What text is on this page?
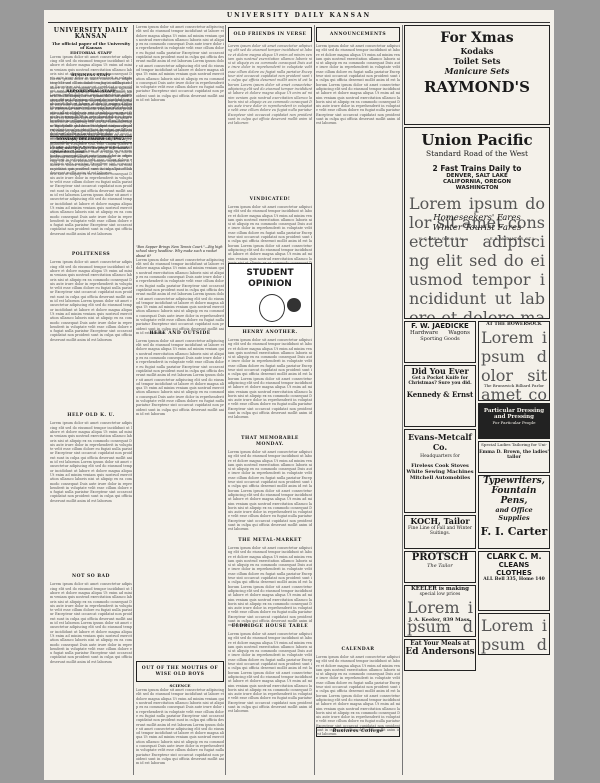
UNIVERSITY DAILY KANSAN
UNIVERSITY DAILY KANSAN
The official paper of the University of Kansas
EDITORIAL STAFF
Lorem ipsum dolor sit amet consectetur adipiscing elit sed do eiusmod tempor incididunt ut labore et dolore magna aliqua Ut enim ad minim veniam quis nostrud exercitation ullamco laboris nisi ut aliquip ex ea commodo consequat Duis aute irure dolor in reprehenderit in voluptate velit esse cillum dolore eu fugiat nulla pariatur Excepteur sint occaecat cupidatat non proident sunt in culpa qui officia deserunt mollit anim id est laborum Lorem ipsum dolor sit amet consectetur adipiscing elit sed do eiusmod tempor incididunt ut labore et dolore magna aliqua Ut enim ad minim veniam quis nostrud exercitation ullamco laboris nisi ut aliquip ex ea commodo consequat Duis aute irure dolor in reprehenderit in voluptate velit esse cillum dolore eu fugiat nulla pariatur Excepteur sint occaecat cupidatat non proident sunt in culpa qui officia deserunt mollit anim id est laborum
BUSINESS STAFF
Lorem ipsum dolor sit amet consectetur adipiscing elit sed do eiusmod tempor incididunt ut labore et dolore magna aliqua Ut enim ad minim veniam quis nostrud exercitation ullamco laboris nisi ut aliquip ex ea commodo consequat Duis aute irure dolor in reprehenderit in voluptate velit esse cillum dolore eu fugiat nulla pariatur Excepteur sint occaecat cupidatat non proident sunt in culpa qui officia deserunt mollit anim id est laborum Lorem ipsum dolor sit amet consectetur adipiscing elit sed do eiusmod tempor incididunt ut labore et dolore magna aliqua Ut enim ad minim veniam quis nostrud exercitation ullamco laboris nisi ut aliquip ex ea commodo consequat Duis aute irure dolor in reprehenderit in voluptate velit esse cillum dolore eu fugiat nulla pariatur Excepteur sint occaecat cupidatat non proident sunt in culpa qui officia deserunt mollit anim id est laborum
REPORTORIAL STAFF
Lorem ipsum dolor sit amet consectetur adipiscing elit sed do eiusmod tempor incididunt ut labore et dolore magna aliqua Ut enim ad minim veniam quis nostrud exercitation ullamco laboris nisi ut aliquip ex ea commodo consequat Duis aute irure dolor in reprehenderit in voluptate velit esse cillum dolore eu fugiat nulla pariatur Excepteur sint occaecat cupidatat non proident sunt in culpa qui officia deserunt mollit anim id est laborum Lorem ipsum dolor sit amet consectetur adipiscing elit sed do eiusmod tempor incididunt ut labore et dolore magna aliqua Ut enim ad minim veniam quis nostrud exercitation ullamco laboris nisi ut aliquip ex ea commodo consequat Duis aute irure dolor in reprehenderit in voluptate velit esse cillum dolore eu fugiat nulla pariatur Excepteur sint occaecat cupidatat non proident sunt in culpa qui officia deserunt mollit anim id est laborum
MONDAY, DECEMBER 16, 1912.
He who sees life fully in his profit is fortunate.—From the Chinese.
Lorem ipsum dolor sit amet consectetur adipiscing elit sed do eiusmod tempor incididunt ut labore et dolore magna aliqua Ut enim ad minim veniam quis nostrud exercitation ullamco laboris nisi ut aliquip ex ea commodo consequat Duis aute irure dolor in reprehenderit in voluptate velit esse cillum dolore eu fugiat nulla pariatur Excepteur sint occaecat cupidatat non proident sunt in culpa qui officia deserunt mollit anim id est laborum Lorem ipsum dolor sit amet consectetur adipiscing elit sed do eiusmod tempor incididunt ut labore et dolore magna aliqua Ut enim ad minim veniam quis nostrud exercitation ullamco laboris nisi ut aliquip ex ea commodo consequat Duis aute irure dolor in reprehenderit in voluptate velit esse cillum dolore eu fugiat nulla pariatur Excepteur sint occaecat cupidatat non proident sunt in culpa qui officia deserunt mollit anim id est laborum
POLITENESS
Lorem ipsum dolor sit amet consectetur adipiscing elit sed do eiusmod tempor incididunt ut labore et dolore magna aliqua Ut enim ad minim veniam quis nostrud exercitation ullamco laboris nisi ut aliquip ex ea commodo consequat Duis aute irure dolor in reprehenderit in voluptate velit esse cillum dolore eu fugiat nulla pariatur Excepteur sint occaecat cupidatat non proident sunt in culpa qui officia deserunt mollit anim id est laborum Lorem ipsum dolor sit amet consectetur adipiscing elit sed do eiusmod tempor incididunt ut labore et dolore magna aliqua Ut enim ad minim veniam quis nostrud exercitation ullamco laboris nisi ut aliquip ex ea commodo consequat Duis aute irure dolor in reprehenderit in voluptate velit esse cillum dolore eu fugiat nulla pariatur Excepteur sint occaecat cupidatat non proident sunt in culpa qui officia deserunt mollit anim id est laborum
HELP OLD K. U.
Lorem ipsum dolor sit amet consectetur adipiscing elit sed do eiusmod tempor incididunt ut labore et dolore magna aliqua Ut enim ad minim veniam quis nostrud exercitation ullamco laboris nisi ut aliquip ex ea commodo consequat Duis aute irure dolor in reprehenderit in voluptate velit esse cillum dolore eu fugiat nulla pariatur Excepteur sint occaecat cupidatat non proident sunt in culpa qui officia deserunt mollit anim id est laborum Lorem ipsum dolor sit amet consectetur adipiscing elit sed do eiusmod tempor incididunt ut labore et dolore magna aliqua Ut enim ad minim veniam quis nostrud exercitation ullamco laboris nisi ut aliquip ex ea commodo consequat Duis aute irure dolor in reprehenderit in voluptate velit esse cillum dolore eu fugiat nulla pariatur Excepteur sint occaecat cupidatat non proident sunt in culpa qui officia deserunt mollit anim id est laborum
NOT SO BAD
Lorem ipsum dolor sit amet consectetur adipiscing elit sed do eiusmod tempor incididunt ut labore et dolore magna aliqua Ut enim ad minim veniam quis nostrud exercitation ullamco laboris nisi ut aliquip ex ea commodo consequat Duis aute irure dolor in reprehenderit in voluptate velit esse cillum dolore eu fugiat nulla pariatur Excepteur sint occaecat cupidatat non proident sunt in culpa qui officia deserunt mollit anim id est laborum Lorem ipsum dolor sit amet consectetur adipiscing elit sed do eiusmod tempor incididunt ut labore et dolore magna aliqua Ut enim ad minim veniam quis nostrud exercitation ullamco laboris nisi ut aliquip ex ea commodo consequat Duis aute irure dolor in reprehenderit in voluptate velit esse cillum dolore eu fugiat nulla pariatur Excepteur sint occaecat cupidatat non proident sunt in culpa qui officia deserunt mollit anim id est laborum
Lorem ipsum dolor sit amet consectetur adipiscing elit sed do eiusmod tempor incididunt ut labore et dolore magna aliqua Ut enim ad minim veniam quis nostrud exercitation ullamco laboris nisi ut aliquip ex ea commodo consequat Duis aute irure dolor in reprehenderit in voluptate velit esse cillum dolore eu fugiat nulla pariatur Excepteur sint occaecat cupidatat non proident sunt in culpa qui officia deserunt mollit anim id est laborum Lorem ipsum dolor sit amet consectetur adipiscing elit sed do eiusmod tempor incididunt ut labore et dolore magna aliqua Ut enim ad minim veniam quis nostrud exercitation ullamco laboris nisi ut aliquip ex ea commodo consequat Duis aute irure dolor in reprehenderit in voluptate velit esse cillum dolore eu fugiat nulla pariatur Excepteur sint occaecat cupidatat non proident sunt in culpa qui officia deserunt mollit anim id est laborum
"Bon Sapper Brings New Tennis Court."—Big high school story headline. Why make such a racket about it?
Lorem ipsum dolor sit amet consectetur adipiscing elit sed do eiusmod tempor incididunt ut labore et dolore magna aliqua Ut enim ad minim veniam quis nostrud exercitation ullamco laboris nisi ut aliquip ex ea commodo consequat Duis aute irure dolor in reprehenderit in voluptate velit esse cillum dolore eu fugiat nulla pariatur Excepteur sint occaecat cupidatat non proident sunt in culpa qui officia deserunt mollit anim id est laborum Lorem ipsum dolor sit amet consectetur adipiscing elit sed do eiusmod tempor incididunt ut labore et dolore magna aliqua Ut enim ad minim veniam quis nostrud exercitation ullamco laboris nisi ut aliquip ex ea commodo consequat Duis aute irure dolor in reprehenderit in voluptate velit esse cillum dolore eu fugiat nulla pariatur Excepteur sint occaecat cupidatat non proident sunt in culpa qui officia deserunt mollit anim id est laborum
HERE AND OUTSIDE
Lorem ipsum dolor sit amet consectetur adipiscing elit sed do eiusmod tempor incididunt ut labore et dolore magna aliqua Ut enim ad minim veniam quis nostrud exercitation ullamco laboris nisi ut aliquip ex ea commodo consequat Duis aute irure dolor in reprehenderit in voluptate velit esse cillum dolore eu fugiat nulla pariatur Excepteur sint occaecat cupidatat non proident sunt in culpa qui officia deserunt mollit anim id est laborum Lorem ipsum dolor sit amet consectetur adipiscing elit sed do eiusmod tempor incididunt ut labore et dolore magna aliqua Ut enim ad minim veniam quis nostrud exercitation ullamco laboris nisi ut aliquip ex ea commodo consequat Duis aute irure dolor in reprehenderit in voluptate velit esse cillum dolore eu fugiat nulla pariatur Excepteur sint occaecat cupidatat non proident sunt in culpa qui officia deserunt mollit anim id est laborum
OUT OF THE MOUTHS OF WISE OLD BOYS
SCIENCE
Lorem ipsum dolor sit amet consectetur adipiscing elit sed do eiusmod tempor incididunt ut labore et dolore magna aliqua Ut enim ad minim veniam quis nostrud exercitation ullamco laboris nisi ut aliquip ex ea commodo consequat Duis aute irure dolor in reprehenderit in voluptate velit esse cillum dolore eu fugiat nulla pariatur Excepteur sint occaecat cupidatat non proident sunt in culpa qui officia deserunt mollit anim id est laborum Lorem ipsum dolor sit amet consectetur adipiscing elit sed do eiusmod tempor incididunt ut labore et dolore magna aliqua Ut enim ad minim veniam quis nostrud exercitation ullamco laboris nisi ut aliquip ex ea commodo consequat Duis aute irure dolor in reprehenderit in voluptate velit esse cillum dolore eu fugiat nulla pariatur Excepteur sint occaecat cupidatat non proident sunt in culpa qui officia deserunt mollit anim id est laborum
OLD FRIENDS IN VERSE
Lorem ipsum dolor sit amet consectetur adipiscing elit sed do eiusmod tempor incididunt ut labore et dolore magna aliqua Ut enim ad minim veniam quis nostrud exercitation ullamco laboris nisi ut aliquip ex ea commodo consequat Duis aute irure dolor in reprehenderit in voluptate velit esse cillum dolore eu fugiat nulla pariatur Excepteur sint occaecat cupidatat non proident sunt in culpa qui officia deserunt mollit anim id est laborum Lorem ipsum dolor sit amet consectetur adipiscing elit sed do eiusmod tempor incididunt ut labore et dolore magna aliqua Ut enim ad minim veniam quis nostrud exercitation ullamco laboris nisi ut aliquip ex ea commodo consequat Duis aute irure dolor in reprehenderit in voluptate velit esse cillum dolore eu fugiat nulla pariatur Excepteur sint occaecat cupidatat non proident sunt in culpa qui officia deserunt mollit anim id est laborum
VINDICATED!
Lorem ipsum dolor sit amet consectetur adipiscing elit sed do eiusmod tempor incididunt ut labore et dolore magna aliqua Ut enim ad minim veniam quis nostrud exercitation ullamco laboris nisi ut aliquip ex ea commodo consequat Duis aute irure dolor in reprehenderit in voluptate velit esse cillum dolore eu fugiat nulla pariatur Excepteur sint occaecat cupidatat non proident sunt in culpa qui officia deserunt mollit anim id est laborum Lorem ipsum dolor sit amet consectetur adipiscing elit sed do eiusmod tempor incididunt ut labore et dolore magna aliqua Ut enim ad minim veniam quis nostrud exercitation ullamco laboris nisi ut aliquip ex ea commodo consequat Duis aute irure dolor in reprehenderit in voluptate velit esse cillum dolore eu fugiat nulla pariatur Excepteur sint occaecat cupidatat non proident sunt in culpa qui officia deserunt mollit anim id est laborum
STUDENT OPINION
HENRY ANOTHER.
Lorem ipsum dolor sit amet consectetur adipiscing elit sed do eiusmod tempor incididunt ut labore et dolore magna aliqua Ut enim ad minim veniam quis nostrud exercitation ullamco laboris nisi ut aliquip ex ea commodo consequat Duis aute irure dolor in reprehenderit in voluptate velit esse cillum dolore eu fugiat nulla pariatur Excepteur sint occaecat cupidatat non proident sunt in culpa qui officia deserunt mollit anim id est laborum Lorem ipsum dolor sit amet consectetur adipiscing elit sed do eiusmod tempor incididunt ut labore et dolore magna aliqua Ut enim ad minim veniam quis nostrud exercitation ullamco laboris nisi ut aliquip ex ea commodo consequat Duis aute irure dolor in reprehenderit in voluptate velit esse cillum dolore eu fugiat nulla pariatur Excepteur sint occaecat cupidatat non proident sunt in culpa qui officia deserunt mollit anim id est laborum
THAT MEMORABLE MONDAY.
Lorem ipsum dolor sit amet consectetur adipiscing elit sed do eiusmod tempor incididunt ut labore et dolore magna aliqua Ut enim ad minim veniam quis nostrud exercitation ullamco laboris nisi ut aliquip ex ea commodo consequat Duis aute irure dolor in reprehenderit in voluptate velit esse cillum dolore eu fugiat nulla pariatur Excepteur sint occaecat cupidatat non proident sunt in culpa qui officia deserunt mollit anim id est laborum Lorem ipsum dolor sit amet consectetur adipiscing elit sed do eiusmod tempor incididunt ut labore et dolore magna aliqua Ut enim ad minim veniam quis nostrud exercitation ullamco laboris nisi ut aliquip ex ea commodo consequat Duis aute irure dolor in reprehenderit in voluptate velit esse cillum dolore eu fugiat nulla pariatur Excepteur sint occaecat cupidatat non proident sunt in culpa qui officia deserunt mollit anim id est laborum
THE METAL-MARKET
Lorem ipsum dolor sit amet consectetur adipiscing elit sed do eiusmod tempor incididunt ut labore et dolore magna aliqua Ut enim ad minim veniam quis nostrud exercitation ullamco laboris nisi ut aliquip ex ea commodo consequat Duis aute irure dolor in reprehenderit in voluptate velit esse cillum dolore eu fugiat nulla pariatur Excepteur sint occaecat cupidatat non proident sunt in culpa qui officia deserunt mollit anim id est laborum Lorem ipsum dolor sit amet consectetur adipiscing elit sed do eiusmod tempor incididunt ut labore et dolore magna aliqua Ut enim ad minim veniam quis nostrud exercitation ullamco laboris nisi ut aliquip ex ea commodo consequat Duis aute irure dolor in reprehenderit in voluptate velit esse cillum dolore eu fugiat nulla pariatur Excepteur sint occaecat cupidatat non proident sunt in culpa qui officia deserunt mollit anim id est laborum
ELDRIDGE HOUSE TABLE
Lorem ipsum dolor sit amet consectetur adipiscing elit sed do eiusmod tempor incididunt ut labore et dolore magna aliqua Ut enim ad minim veniam quis nostrud exercitation ullamco laboris nisi ut aliquip ex ea commodo consequat Duis aute irure dolor in reprehenderit in voluptate velit esse cillum dolore eu fugiat nulla pariatur Excepteur sint occaecat cupidatat non proident sunt in culpa qui officia deserunt mollit anim id est laborum Lorem ipsum dolor sit amet consectetur adipiscing elit sed do eiusmod tempor incididunt ut labore et dolore magna aliqua Ut enim ad minim veniam quis nostrud exercitation ullamco laboris nisi ut aliquip ex ea commodo consequat Duis aute irure dolor in reprehenderit in voluptate velit esse cillum dolore eu fugiat nulla pariatur Excepteur sint occaecat cupidatat non proident sunt in culpa qui officia deserunt mollit anim id est laborum
ANNOUNCEMENTS
Lorem ipsum dolor sit amet consectetur adipiscing elit sed do eiusmod tempor incididunt ut labore et dolore magna aliqua Ut enim ad minim veniam quis nostrud exercitation ullamco laboris nisi ut aliquip ex ea commodo consequat Duis aute irure dolor in reprehenderit in voluptate velit esse cillum dolore eu fugiat nulla pariatur Excepteur sint occaecat cupidatat non proident sunt in culpa qui officia deserunt mollit anim id est laborum Lorem ipsum dolor sit amet consectetur adipiscing elit sed do eiusmod tempor incididunt ut labore et dolore magna aliqua Ut enim ad minim veniam quis nostrud exercitation ullamco laboris nisi ut aliquip ex ea commodo consequat Duis aute irure dolor in reprehenderit in voluptate velit esse cillum dolore eu fugiat nulla pariatur Excepteur sint occaecat cupidatat non proident sunt in culpa qui officia deserunt mollit anim id est laborum
CALENDAR
Lorem ipsum dolor sit amet consectetur adipiscing elit sed do eiusmod tempor incididunt ut labore et dolore magna aliqua Ut enim ad minim veniam quis nostrud exercitation ullamco laboris nisi ut aliquip ex ea commodo consequat Duis aute irure dolor in reprehenderit in voluptate velit esse cillum dolore eu fugiat nulla pariatur Excepteur sint occaecat cupidatat non proident sunt in culpa qui officia deserunt mollit anim id est laborum Lorem ipsum dolor sit amet consectetur adipiscing elit sed do eiusmod tempor incididunt ut labore et dolore magna aliqua Ut enim ad minim veniam quis nostrud exercitation ullamco laboris nisi ut aliquip ex ea commodo consequat Duis aute irure dolor in reprehenderit in voluptate velit esse cillum dolore eu fugiat nulla pariatur Excepteur sint occaecat cupidatat non proident sunt in culpa qui officia deserunt mollit anim id est laborum
Business College
For Xmas
Kodaks
Toilet Sets
Manicure Sets
RAYMOND'S
Union Pacific
Standard Road of the West
2 Fast Trains Daily to
DENVER, SALT LAKE
CALIFORNIA, OREGON
WASHINGTON
Lorem ipsum dolor sit amet consectetur adipiscing elit sed do eiusmod tempor incididunt ut labore et dolore magna aliqua Ut enim ad minim veniam quis nostrud exercitation ullamco laboris nisi ut aliquip ex ea commodo consequat Duis aute irure dolor in reprehenderit in voluptate velit esse cillum dolore eu fugiat nulla pariatur Excepteur sint occaecat cupidatat non proident sunt in culpa qui officia deserunt mollit anim id est laborum Lorem ipsum dolor sit amet consectetur adipiscing elit sed do eiusmod tempor incididunt ut labore et dolore magna aliqua Ut enim ad minim veniam quis nostrud exercitation ullamco laboris nisi ut aliquip ex ea commodo consequat Duis aute irure dolor in reprehenderit in voluptate velit esse cillum dolore eu fugiat nulla pariatur Excepteur sint occaecat cupidatat non proident sunt in culpa qui officia deserunt mollit anim id est laborum
Homeseekers' Fares
Winter Tourist Fares
H. G. KAILL, G. F. & P. A.	E. E. ALEXANDER, C.T.A.
F. W. JAEDICKE
Hardware Wagons
Sporting Goods
Did You Ever
Get a Pocket Knife for
Christmas? Sure you did.
Kennedy & Ernst
Evans-Metcalf Co.
Headquarters for
Fireless Cook Stoves
White Sewing Machines
Mitchell Automobiles
KOCH, Tailor
Fine Line of Fall and Winter Suitings.
PROTSCH
The Tailor
KEELER is making
special low prices
Lorem ipsum dolor sit amet consectetur adipiscing elit sed do eiusmod tempor incididunt ut labore et dolore magna aliqua Ut enim ad minim veniam quis nostrud exercitation ullamco laboris nisi ut aliquip ex ea commodo consequat Duis aute irure dolor in reprehenderit in voluptate velit esse cillum dolore eu fugiat nulla pariatur Excepteur sint occaecat cupidatat non proident sunt in culpa qui officia deserunt mollit anim id est laborum Lorem ipsum dolor sit amet consectetur adipiscing elit sed do eiusmod tempor incididunt ut labore et dolore magna aliqua Ut enim ad minim veniam quis nostrud exercitation ullamco laboris nisi ut aliquip ex ea commodo consequat Duis aute irure dolor in reprehenderit in voluptate velit esse cillum dolore eu fugiat nulla pariatur Excepteur sint occaecat cupidatat non proident sunt in culpa qui officia deserunt mollit anim id est laborum
J. A. Keeler, 839 Mass.
Eat Your Meals at
Ed Andersons
AT THE BOWERSOCK
Lorem ipsum dolor sit amet consectetur adipiscing elit sed do eiusmod tempor incididunt ut labore et dolore magna aliqua Ut enim ad minim veniam quis nostrud exercitation ullamco laboris nisi ut aliquip ex ea commodo consequat Duis aute irure dolor in reprehenderit in voluptate velit esse cillum dolore eu fugiat nulla pariatur Excepteur sint occaecat cupidatat non proident sunt in culpa qui officia deserunt mollit anim id est laborum Lorem ipsum dolor sit amet consectetur adipiscing elit sed do eiusmod tempor incididunt ut labore et dolore magna aliqua Ut enim ad minim veniam quis nostrud exercitation ullamco laboris nisi ut aliquip ex ea commodo consequat Duis aute irure dolor in reprehenderit in voluptate velit esse cillum dolore eu fugiat nulla pariatur Excepteur sint occaecat cupidatat non proident sunt in culpa qui officia deserunt mollit anim id est laborum
The Brunswick Billiard Parlor
Particular Dressing and Pressing
For Particular People
Special Ladies Tailoring for Uni-
Emma D. Brown, the ladies' tailor
Typewriters,
Fountain Pens,
and Office Supplies
F. I. Carter
CLARK C. M.
CLEANS
CLOTHES
ALL Bell 335, Home 140
Lorem ipsum dolor sit amet consectetur adipiscing elit sed do eiusmod tempor incididunt ut labore et dolore magna aliqua Ut enim ad minim veniam quis nostrud exercitation ullamco laboris nisi ut aliquip ex ea commodo consequat Duis aute irure dolor in reprehenderit in voluptate velit esse cillum dolore eu fugiat nulla pariatur Excepteur sint occaecat cupidatat non proident sunt in culpa qui officia deserunt mollit anim id est laborum Lorem ipsum dolor sit amet consectetur adipiscing elit sed do eiusmod tempor incididunt ut labore et dolore magna aliqua Ut enim ad minim veniam quis nostrud exercitation ullamco laboris nisi ut aliquip ex ea commodo consequat Duis aute irure dolor in reprehenderit in voluptate velit esse cillum dolore eu fugiat nulla pariatur Excepteur sint occaecat cupidatat non proident sunt in culpa qui officia deserunt mollit anim id est laborum
